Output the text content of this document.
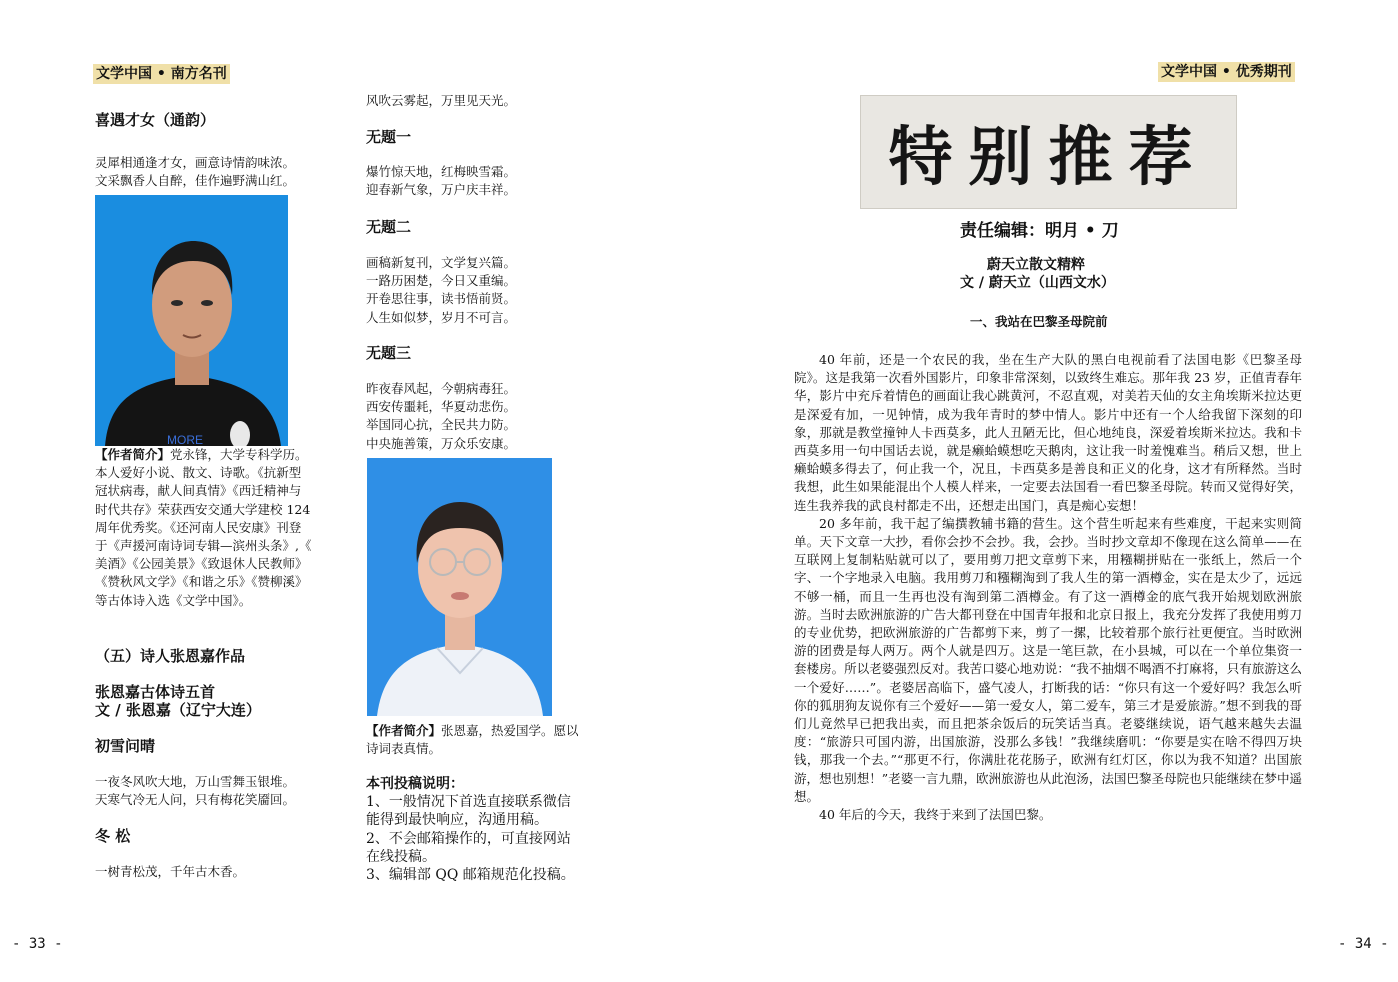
文学中国 • 南方名刊
喜遇才女（通韵）
灵犀相通逢才女，画意诗情韵味浓。
文采飘香人自醉，佳作遍野满山红。
MORE
【作者简介】党永锋，大学专科学历。
本人爱好小说、散文、诗歌。《抗新型
冠状病毒，献人间真情》《西迁精神与
时代共存》荣获西安交通大学建校 124
周年优秀奖。《还河南人民安康》刊登
于《声援河南诗词专辑—滨州头条》,《
美酒》《公园美景》《致退休人民教师》
《赞秋风文学》《和谐之乐》《赞柳溪》
等古体诗入选《文学中国》。
（五）诗人张恩嘉作品
张恩嘉古体诗五首
文 / 张恩嘉（辽宁大连）
初雪问晴
一夜冬风吹大地，万山雪舞玉银堆。
天寒气冷无人问，只有梅花笑靥回。
冬 松
一树青松茂，千年古木香。
- 33 -
风吹云雾起，万里见天光。
无题一
爆竹惊天地，红梅映雪霜。
迎春新气象，万户庆丰祥。
无题二
画稿新复刊，文学复兴篇。
一路历困楚，今日又重编。
开卷思往事，读书悟前贤。
人生如似梦，岁月不可言。
无题三
昨夜春风起，今朝病毒狂。
西安传噩耗，华夏动悲伤。
举国同心抗，全民共力防。
中央施善策，万众乐安康。
【作者简介】张恩嘉，热爱国学。愿以
诗词表真情。
本刊投稿说明：
1、一般情况下首选直接联系微信
能得到最快响应，沟通用稿。
2、不会邮箱操作的，可直接网站
在线投稿。
3、编辑部 QQ 邮箱规范化投稿。
文学中国 • 优秀期刊
特别推荐
责任编辑：明月 • 刀
蔚天立散文精粹
文 / 蔚天立（山西文水）
一、我站在巴黎圣母院前

40 年前，还是一个农民的我，坐在生产大队的黑白电视前看了法国电影《巴黎圣母院》。这是我第一次看外国影片，印象非常深刻，以致终生难忘。那年我 23 岁，正值青春年华，影片中充斥着情色的画面让我心跳黄河，不忍直观，对美若天仙的女主角埃斯米拉达更是深爱有加，一见钟情，成为我年青时的梦中情人。影片中还有一个人给我留下深刻的印象，那就是教堂撞钟人卡西莫多，此人丑陋无比，但心地纯良，深爱着埃斯米拉达。我和卡西莫多用一句中国话去说，就是癞蛤蟆想吃天鹅肉，这让我一时羞愧难当。稍后又想，世上癞蛤蟆多得去了，何止我一个，况且，卡西莫多是善良和正义的化身，这才有所释然。当时我想，此生如果能混出个人模人样来，一定要去法国看一看巴黎圣母院。转而又觉得好笑，连生我养我的武良村都走不出，还想走出国门，真是痴心妄想！

20 多年前，我干起了编撰教辅书籍的营生。这个营生听起来有些难度，干起来实则简单。天下文章一大抄，看你会抄不会抄。我，会抄。当时抄文章却不像现在这么简单——在互联网上复制粘贴就可以了，要用剪刀把文章剪下来，用糨糊拼贴在一张纸上，然后一个字、一个字地录入电脑。我用剪刀和糨糊淘到了我人生的第一酒樽金，实在是太少了，远远不够一桶，而且一生再也没有淘到第二酒樽金。有了这一酒樽金的底气我开始规划欧洲旅游。当时去欧洲旅游的广告大都刊登在中国青年报和北京日报上，我充分发挥了我使用剪刀的专业优势，把欧洲旅游的广告都剪下来，剪了一摞，比较着那个旅行社更便宜。当时欧洲游的团费是每人两万。两个人就是四万。这是一笔巨款，在小县城，可以在一个单位集资一套楼房。所以老婆强烈反对。我苦口婆心地劝说：“我不抽烟不喝酒不打麻将，只有旅游这么一个爱好……”。老婆居高临下，盛气凌人，打断我的话：“你只有这一个爱好吗？我怎么听你的狐朋狗友说你有三个爱好——第一爱女人，第二爱车，第三才是爱旅游。”想不到我的哥们儿竟然早已把我出卖，而且把茶余饭后的玩笑话当真。老婆继续说，语气越来越失去温度：“旅游只可国内游，出国旅游，没那么多钱！”我继续磨叽：“你要是实在啥不得四万块钱，那我一个去。”“那更不行，你满肚花花肠子，欧洲有红灯区，你以为我不知道？出国旅游，想也别想！”老婆一言九鼎，欧洲旅游也从此泡汤，法国巴黎圣母院也只能继续在梦中遥想。

40 年后的今天，我终于来到了法国巴黎。

- 34 -
